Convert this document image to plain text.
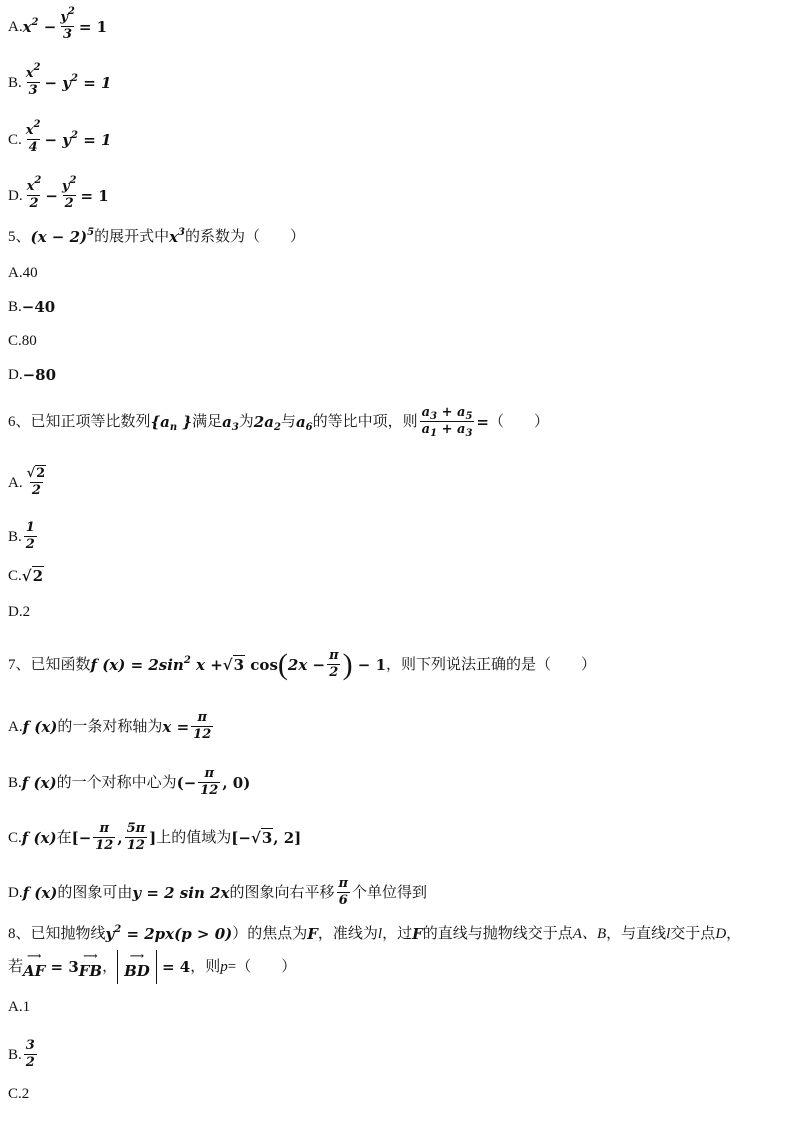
A. $x^2 - \frac{y^2}{3} = 1$
B. $\frac{x^2}{3} - y^2 = 1$
C. $\frac{x^2}{4} - y^2 = 1$
D. $\frac{x^2}{2} - \frac{y^2}{2} = 1$
5、 $(x - 2)^5$ 的展开式中 $x^3$ 的系数为（　　）
A. 40
B. −40
C. 80
D. −80
6、 已知正项等比数列 {$a_n$ } 满足 $a_3$ 为 $2a_2$ 与 $a_6$ 的等比中项，则 $\frac{a_3 + a_5}{a_1 + a_3}$ = （　　）
A. $\frac{√2}{2}$
B. $\frac{1}{2}$
C. √2
D. 2
7、 已知函数 f $(x) = 2\sin^2$ x + √3 cos ( $2x - \frac{\pi}{2}$ ) − 1 ，则下列说法正确的是（　　）
A. f (x) 的一条对称轴为 $x = \frac{\pi}{12}$
B. f (x) 的一个对称中心为 (− $\frac{\pi}{12}$ , 0)
C. f (x) 在 [− $\frac{\pi}{12}$ , $\frac{5\pi}{12}$ ] 上的值域为 [− √3 , 2]
D. f (x) 的图象可由 y = 2 sin 2x 的图象向右平移 $\frac{\pi}{6}$ 个单位得到
8、 已知抛物线 $y^2 = 2px(p > 0)$ ）的焦点为 F ，准线为 l ，过 F 的直线与抛物线交于点 A、B ，与直线 l 交于点 D ，
若
⟶
AF = 3
⟶
FB ，
⟶
BD = 4 ，则 p =（　　）
A. 1
B. $\frac{3}{2}$
C. 2
